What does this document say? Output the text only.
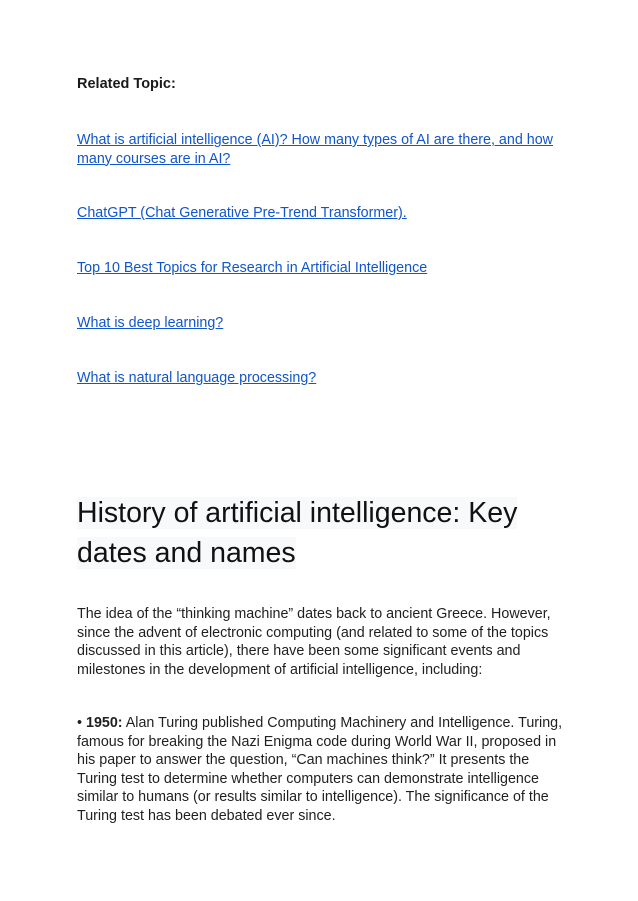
Related Topic:

What is artificial intelligence (AI)? How many types of AI are there, and how many courses are in AI?
ChatGPT (Chat Generative Pre-Trend Transformer).
Top 10 Best Topics for Research in Artificial Intelligence
What is deep learning?
What is natural language processing?
History of artificial intelligence: Key dates and names

The idea of the “thinking machine” dates back to ancient Greece. However, since the advent of electronic computing (and related to some of the topics discussed in this article), there have been some significant events and milestones in the development of artificial intelligence, including:

• 1950: Alan Turing published Computing Machinery and Intelligence. Turing, famous for breaking the Nazi Enigma code during World War II, proposed in his paper to answer the question, “Can machines think?” It presents the Turing test to determine whether computers can demonstrate intelligence similar to humans (or results similar to intelligence). The significance of the Turing test has been debated ever since.
